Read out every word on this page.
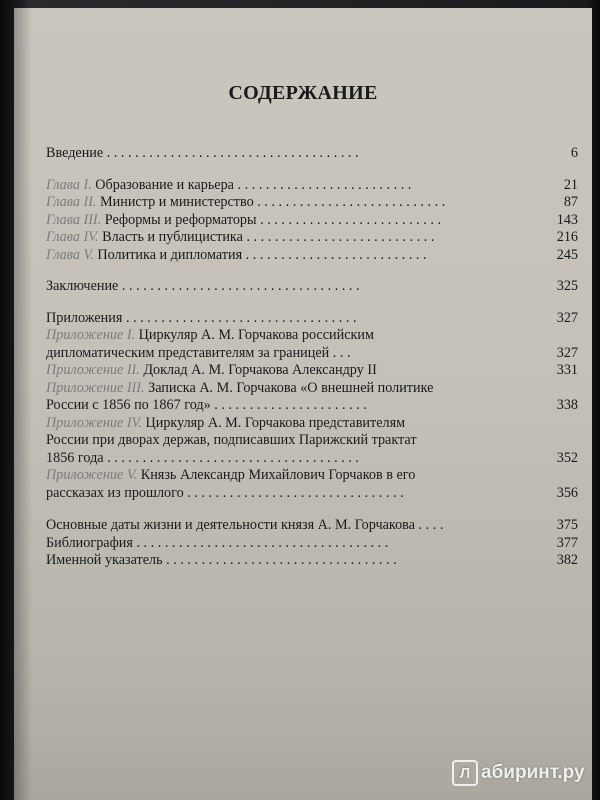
СОДЕРЖАНИЕ
Введение . . . . . . . . . . . . . . . . . . . . . . . . . . . . . . . . . . . .	6
Глава I. Образование и карьера . . . . . . . . . . . . . . . . . . . . . . . . .	21
Глава II. Министр и министерство . . . . . . . . . . . . . . . . . . . . . . . . . . .	87
Глава III. Реформы и реформаторы . . . . . . . . . . . . . . . . . . . . . . . . . .	143
Глава IV. Власть и публицистика . . . . . . . . . . . . . . . . . . . . . . . . . . .	216
Глава V. Политика и дипломатия . . . . . . . . . . . . . . . . . . . . . . . . . .	245
Заключение . . . . . . . . . . . . . . . . . . . . . . . . . . . . . . . . . .	325
Приложения . . . . . . . . . . . . . . . . . . . . . . . . . . . . . . . . .	327
Приложение I. Циркуляр А. М. Горчакова российским
дипломатическим представителям за границей . . .	327
Приложение II. Доклад А. М. Горчакова Александру II	331
Приложение III. Записка А. М. Горчакова «О внешней политике
России с 1856 по 1867 год» . . . . . . . . . . . . . . . . . . . . . .	338
Приложение IV. Циркуляр А. М. Горчакова представителям
России при дворах держав, подписавших Парижский трактат
1856 года . . . . . . . . . . . . . . . . . . . . . . . . . . . . . . . . . . . .	352
Приложение V. Князь Александр Михайлович Горчаков в его
рассказах из прошлого . . . . . . . . . . . . . . . . . . . . . . . . . . . . . . .	356
Основные даты жизни и деятельности князя А. М. Горчакова . . . .	375
Библиография . . . . . . . . . . . . . . . . . . . . . . . . . . . . . . . . . . . .	377
Именной указатель . . . . . . . . . . . . . . . . . . . . . . . . . . . . . . . . .	382
Л абиринт.ру
